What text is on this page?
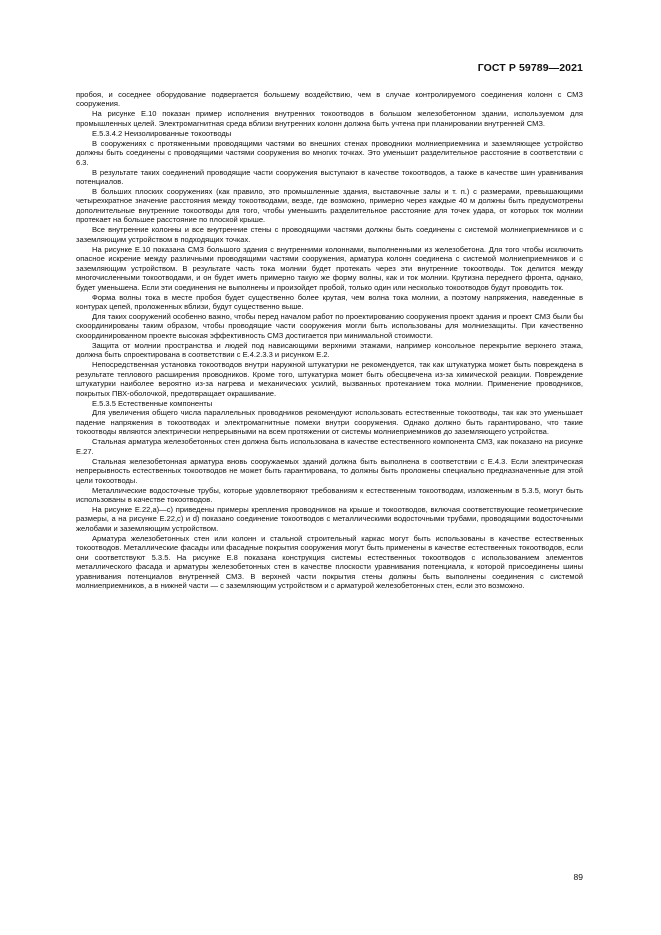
ГОСТ Р 59789—2021

пробоя, и соседнее оборудование подвергается большему воздействию, чем в случае контролируемого соединения колонн с СМЗ сооружения.

На рисунке Е.10 показан пример исполнения внутренних токоотводов в большом железобетонном здании, используемом для промышленных целей. Электромагнитная среда вблизи внутренних колонн должна быть учтена при планировании внутренней СМЗ.

Е.5.3.4.2 Неизолированные токоотводы

В сооружениях с протяженными проводящими частями во внешних стенах проводники молниеприемника и заземляющее устройство должны быть соединены с проводящими частями сооружения во многих точках. Это уменьшит разделительное расстояние в соответствии с 6.3.

В результате таких соединений проводящие части сооружения выступают в качестве токоотводов, а также в качестве шин уравнивания потенциалов.

В больших плоских сооружениях (как правило, это промышленные здания, выставочные залы и т. п.) с размерами, превышающими четырехкратное значение расстояния между токоотводами, везде, где возможно, примерно через каждые 40 м должны быть предусмотрены дополнительные внутренние токоотводы для того, чтобы уменьшить разделительное расстояние для точек удара, от которых ток молнии протекает на большее расстояние по плоской крыше.

Все внутренние колонны и все внутренние стены с проводящими частями должны быть соединены с системой молниеприемников и с заземляющим устройством в подходящих точках.

На рисунке Е.10 показана СМЗ большого здания с внутренними колоннами, выполненными из железобетона. Для того чтобы исключить опасное искрение между различными проводящими частями сооружения, арматура колонн соединена с системой молниеприемников и с заземляющим устройством. В результате часть тока молнии будет протекать через эти внутренние токоотводы. Ток делится между многочисленными токоотводами, и он будет иметь примерно такую же форму волны, как и ток молнии. Крутизна переднего фронта, однако, будет уменьшена. Если эти соединения не выполнены и произойдет пробой, только один или несколько токоотводов будут проводить ток.

Форма волны тока в месте пробоя будет существенно более крутая, чем волна тока молнии, а поэтому напряжения, наведенные в контурах цепей, проложенных вблизи, будут существенно выше.

Для таких сооружений особенно важно, чтобы перед началом работ по проектированию сооружения проект здания и проект СМЗ были бы скоординированы таким образом, чтобы проводящие части сооружения могли быть использованы для молниезащиты. При качественно скоординированном проекте высокая эффективность СМЗ достигается при минимальной стоимости.

Защита от молнии пространства и людей под нависающими верхними этажами, например консольное перекрытие верхнего этажа, должна быть спроектирована в соответствии с Е.4.2.3.3 и рисунком Е.2.

Непосредственная установка токоотводов внутри наружной штукатурки не рекомендуется, так как штукатурка может быть повреждена в результате теплового расширения проводников. Кроме того, штукатурка может быть обесцвечена из-за химической реакции. Повреждение штукатурки наиболее вероятно из-за нагрева и механических усилий, вызванных протеканием тока молнии. Применение проводников, покрытых ПВХ-оболочкой, предотвращает окрашивание.

Е.5.3.5 Естественные компоненты

Для увеличения общего числа параллельных проводников рекомендуют использовать естественные токоотводы, так как это уменьшает падение напряжения в токоотводах и электромагнитные помехи внутри сооружения. Однако должно быть гарантировано, что такие токоотводы являются электрически непрерывными на всем протяжении от системы молниеприемников до заземляющего устройства.

Стальная арматура железобетонных стен должна быть использована в качестве естественного компонента СМЗ, как показано на рисунке Е.27.

Стальная железобетонная арматура вновь сооружаемых зданий должна быть выполнена в соответствии с Е.4.3. Если электрическая непрерывность естественных токоотводов не может быть гарантирована, то должны быть проложены специально предназначенные для этой цели токоотводы.

Металлические водосточные трубы, которые удовлетворяют требованиям к естественным токоотводам, изложенным в 5.3.5, могут быть использованы в качестве токоотводов.

На рисунке Е.22,а)—с) приведены примеры крепления проводников на крыше и токоотводов, включая соответствующие геометрические размеры, а на рисунке Е.22,с) и d) показано соединение токоотводов с металлическими водосточными трубами, проводящими водосточными желобами и заземляющим устройством.

Арматура железобетонных стен или колонн и стальной строительный каркас могут быть использованы в качестве естественных токоотводов. Металлические фасады или фасадные покрытия сооружения могут быть применены в качестве естественных токоотводов, если они соответствуют 5.3.5. На рисунке Е.8 показана конструкция системы естественных токоотводов с использованием элементов металлического фасада и арматуры железобетонных стен в качестве плоскости уравнивания потенциала, к которой присоединены шины уравнивания потенциалов внутренней СМЗ. В верхней части покрытия стены должны быть выполнены соединения с системой молниеприемников, а в нижней части — с заземляющим устройством и с арматурой железобетонных стен, если это возможно.

89
